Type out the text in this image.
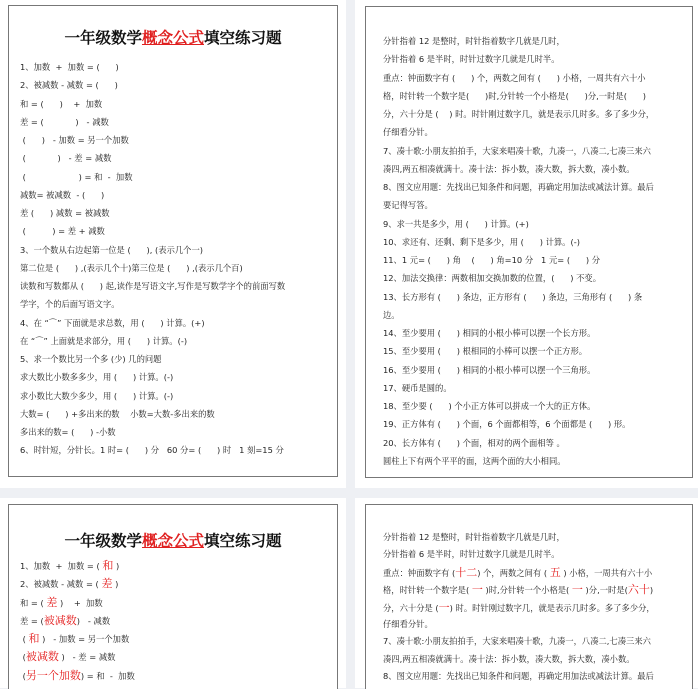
一年级数学概念公式填空练习题
1、加数  +  加数 = (      )
2、被减数 - 减数 = (      )
和 = (      )    +  加数
差 = (            )   - 减数
(      )   - 加数 = 另一个加数
(            )   - 差 = 减数
(                    ) = 和  -  加数
减数= 被减数  - (      )
差 (      ) 减数 = 被减数
(          ) = 差 + 减数
3、一个数从右边起第一位是 (      ), (表示几个一)
第二位是 (      ) ,(表示几个十)第三位是 (      ) ,(表示几个百)
读数和写数都从 (      ) 起,读作是写语文字,写作是写数学字个的前面写数
学字，个的后面写语文字。
4、在 “⌒” 下面就是求总数，用 (      ) 计算。(+)
在 “⌒” 上面就是求部分，用 (      ) 计算。(-)
5、求一个数比另一个多 (少) 几的问题
求大数比小数多多少，用 (      ) 计算。(-)
求小数比大数少多少，用 (      ) 计算。(-)
大数= (      ) +多出来的数    小数=大数-多出来的数
多出来的数= (      ) -小数
6、时针短，分针长。1 时= (      ) 分   60 分= (      ) 时   1 刻=15 分
分针指着 12 是整时，时针指着数字几就是几时，
分针指着 6 是半时，时针过数字几就是几时半。
重点：钟面数字有 (      ) 个，两数之间有 (      ) 小格，一周共有六十小
格，时针转一个数字是(      )时,分针转一个小格是(      )分,一时是(      )
分，六十分是 (    ) 时。时针刚过数字几，就是表示几时多。多了多少分，
仔细看分针。
7、凑十歌:小朋友拍拍手，大家来唱凑十歌，九凑一，八凑二,七凑三来六
凑四,两五相凑就满十。凑十法：拆小数，凑大数，拆大数，凑小数。
8、图文应用题：先找出已知条件和问题，再确定用加法或减法计算。最后
要记得写答。
9、求一共是多少，用 (      ) 计算。(+)
10、求还有、还剩、剩下是多少，用 (      ) 计算。(-)
11、1 元= (      ) 角    (      ) 角=10 分   1 元= (      ) 分
12、加法交换律：两数相加交换加数的位置，(      ) 不变。
13、长方形有 (      ) 条边，正方形有 (      ) 条边，三角形有 (      ) 条
边。
14、至少要用 (      ) 相同的小根小棒可以摆一个长方形。
15、至少要用 (      ) 根相同的小棒可以摆一个正方形。
16、至少要用 (      ) 相同的小根小棒可以摆一个三角形。
17、硬币是圆的。
18、至少要 (      ) 个小正方体可以拼成一个大的正方体。
19、正方体有 (      ) 个面，6 个面都相等，6 个面都是 (      ) 形。
20、长方体有 (      ) 个面，相对的两个面相等 。
圆柱上下有两个平平的面，这两个面的大小相同。
一年级数学概念公式填空练习题
1、加数  +  加数 = ( 和 )
2、被减数 - 减数 = ( 差 )
和 = ( 差 )    +  加数
差 = (被减数)   - 减数
( 和 )   - 加数 = 另一个加数
(被减数 )   - 差 = 减数
(另一个加数) = 和  -  加数
分针指着 12 是整时，时针指着数字几就是几时，
分针指着 6 是半时，时针过数字几就是几时半。
重点：钟面数字有 (十二) 个，两数之间有 ( 五 ) 小格，一周共有六十小
格，时针转一个数字是( 一 )时,分针转一个小格是( 一 )分,一时是(六十)
分，六十分是 (一) 时。时针刚过数字几，就是表示几时多。多了多少分，
仔细看分针。
7、凑十歌:小朋友拍拍手，大家来唱凑十歌，九凑一，八凑二,七凑三来六
凑四,两五相凑就满十。凑十法：拆小数，凑大数，拆大数，凑小数。
8、图文应用题：先找出已知条件和问题，再确定用加法或减法计算。最后
